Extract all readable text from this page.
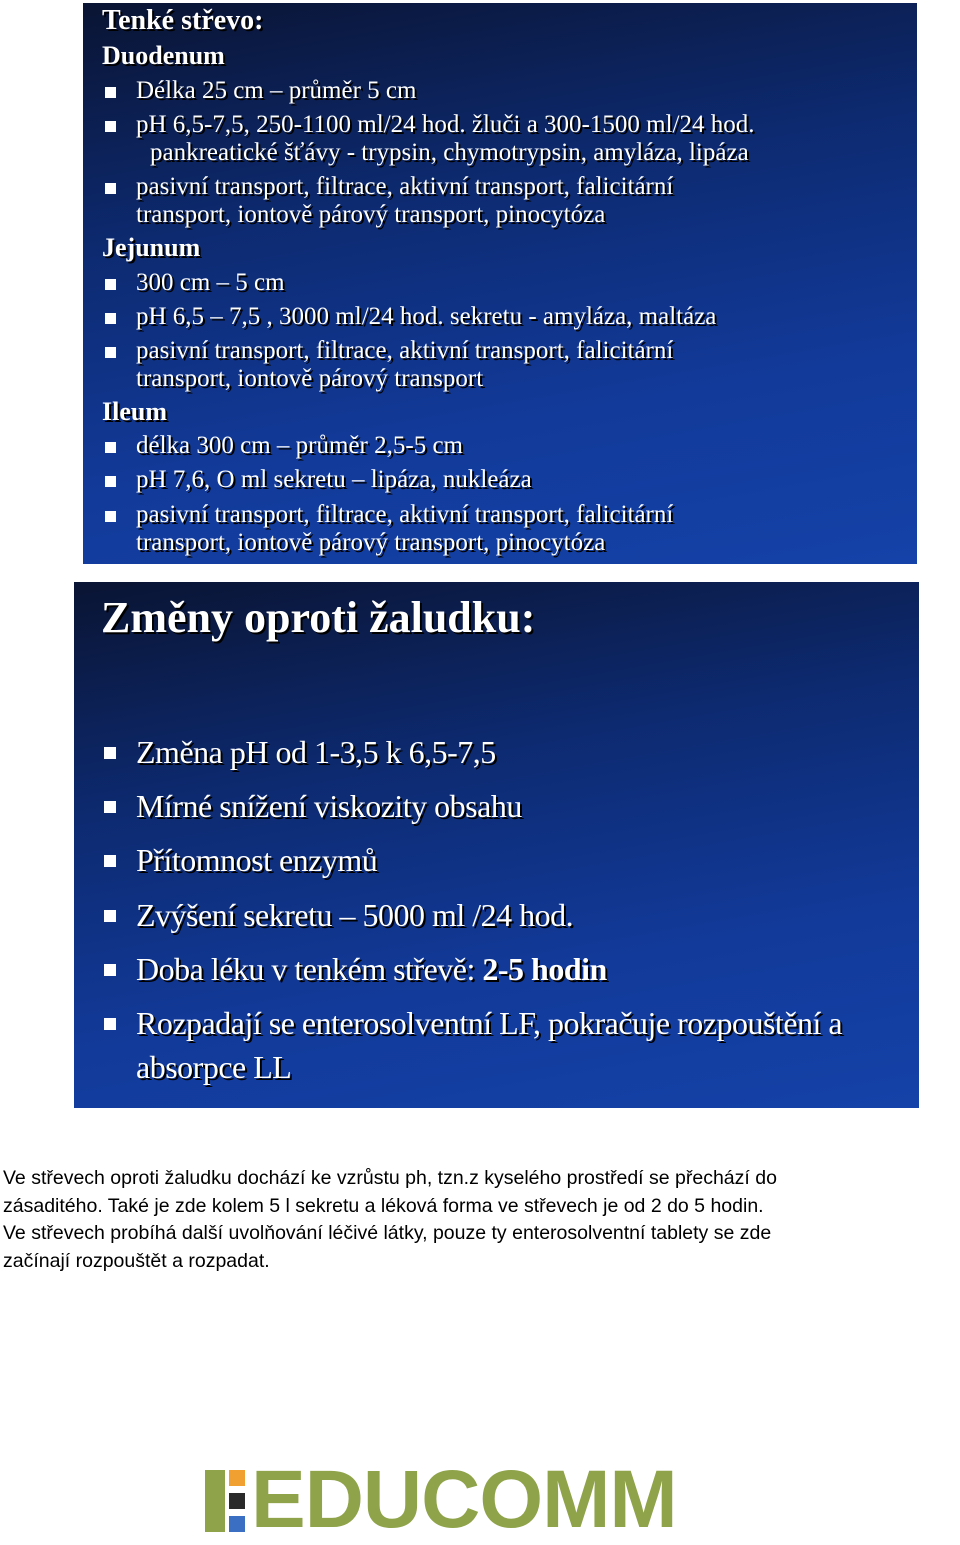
Tenké střevo:
Duodenum
Délka 25 cm – průměr 5 cm
pH 6,5-7,5, 250-1100 ml/24 hod. žluči a 300-1500 ml/24 hod.
pankreatické šťávy - trypsin, chymotrypsin, amyláza, lipáza
pasivní transport, filtrace, aktivní transport, falicitární
transport, iontově párový transport, pinocytóza
Jejunum
300 cm – 5 cm
pH 6,5 – 7,5 , 3000 ml/24 hod. sekretu - amyláza, maltáza
pasivní transport, filtrace, aktivní transport, falicitární
transport, iontově párový transport
Ileum
délka 300 cm – průměr 2,5-5 cm
pH 7,6, O ml sekretu – lipáza, nukleáza
pasivní transport, filtrace, aktivní transport, falicitární
transport, iontově párový transport, pinocytóza
Změny oproti žaludku:
Změna pH od 1-3,5 k 6,5-7,5
Mírné snížení viskozity obsahu
Přítomnost enzymů
Zvýšení sekretu – 5000 ml /24 hod.
Doba léku v tenkém střevě: 2-5 hodin
Rozpadají se enterosolventní LF, pokračuje rozpouštění a
absorpce LL
Ve střevech oproti žaludku dochází ke vzrůstu ph, tzn.z kyselého prostředí se přechází do
zásaditého. Také je zde kolem 5 l sekretu a léková forma ve střevech je od 2 do 5 hodin.
Ve střevech probíhá další uvolňování léčivé látky, pouze ty enterosolventní tablety se zde
začínají rozpouštět a rozpadat.
EDUCOMM
